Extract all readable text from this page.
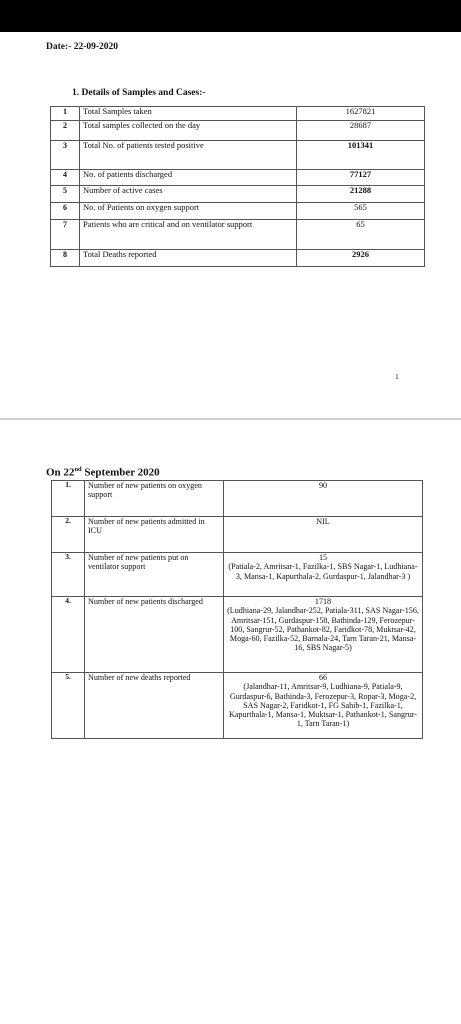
Date:- 22-09-2020
1. Details of Samples and Cases:-
1	Total Samples taken	1627821
2	Total samples collected on the day	28687
3	Total No. of patients tested positive	101341
4	No. of patients discharged	77127
5	Number of active cases	21288
6	No. of Patients on oxygen support	565
7	Patients who are critical and on ventilator support	65
8	Total Deaths reported	2926
1
On 22nd September 2020
1.	Number of new patients on oxygen support	90

2.	Number of new patients admitted in ICU	NIL

3.	Number of new patients put on ventilator support	15
(Patiala-2, Amritsar-1, Fazilka-1, SBS Nagar-1, Ludhiana-3, Mansa-1, Kapurthala-2, Gurdaspur-1, Jalandhar-3 )

4.	Number of new patients discharged	1718
(Ludhiana-29, Jalandhar-252, Patiala-311, SAS Nagar-156, Amritsar-151, Gurdaspur-158, Bathinda-129, Ferozepur-100, Sangrur-52, Pathankot-82, Faridkot-78, Muktsar-42, Moga-60, Fazilka-52, Barnala-24, Tarn Taran-21, Mansa-16, SBS Nagar-5)

5.	Number of new deaths reported	66
(Jalandhar-11, Amritsar-9, Ludhiana-9, Patiala-9, Gurdaspur-6, Bathinda-3, Ferozepur-3, Ropar-3, Moga-2, SAS Nagar-2, Faridkot-1, FG Sahib-1, Fazilka-1, Kapurthala-1, Mansa-1, Muktsar-1, Pathankot-1, Sangrur-1, Tarn Taran-1)
